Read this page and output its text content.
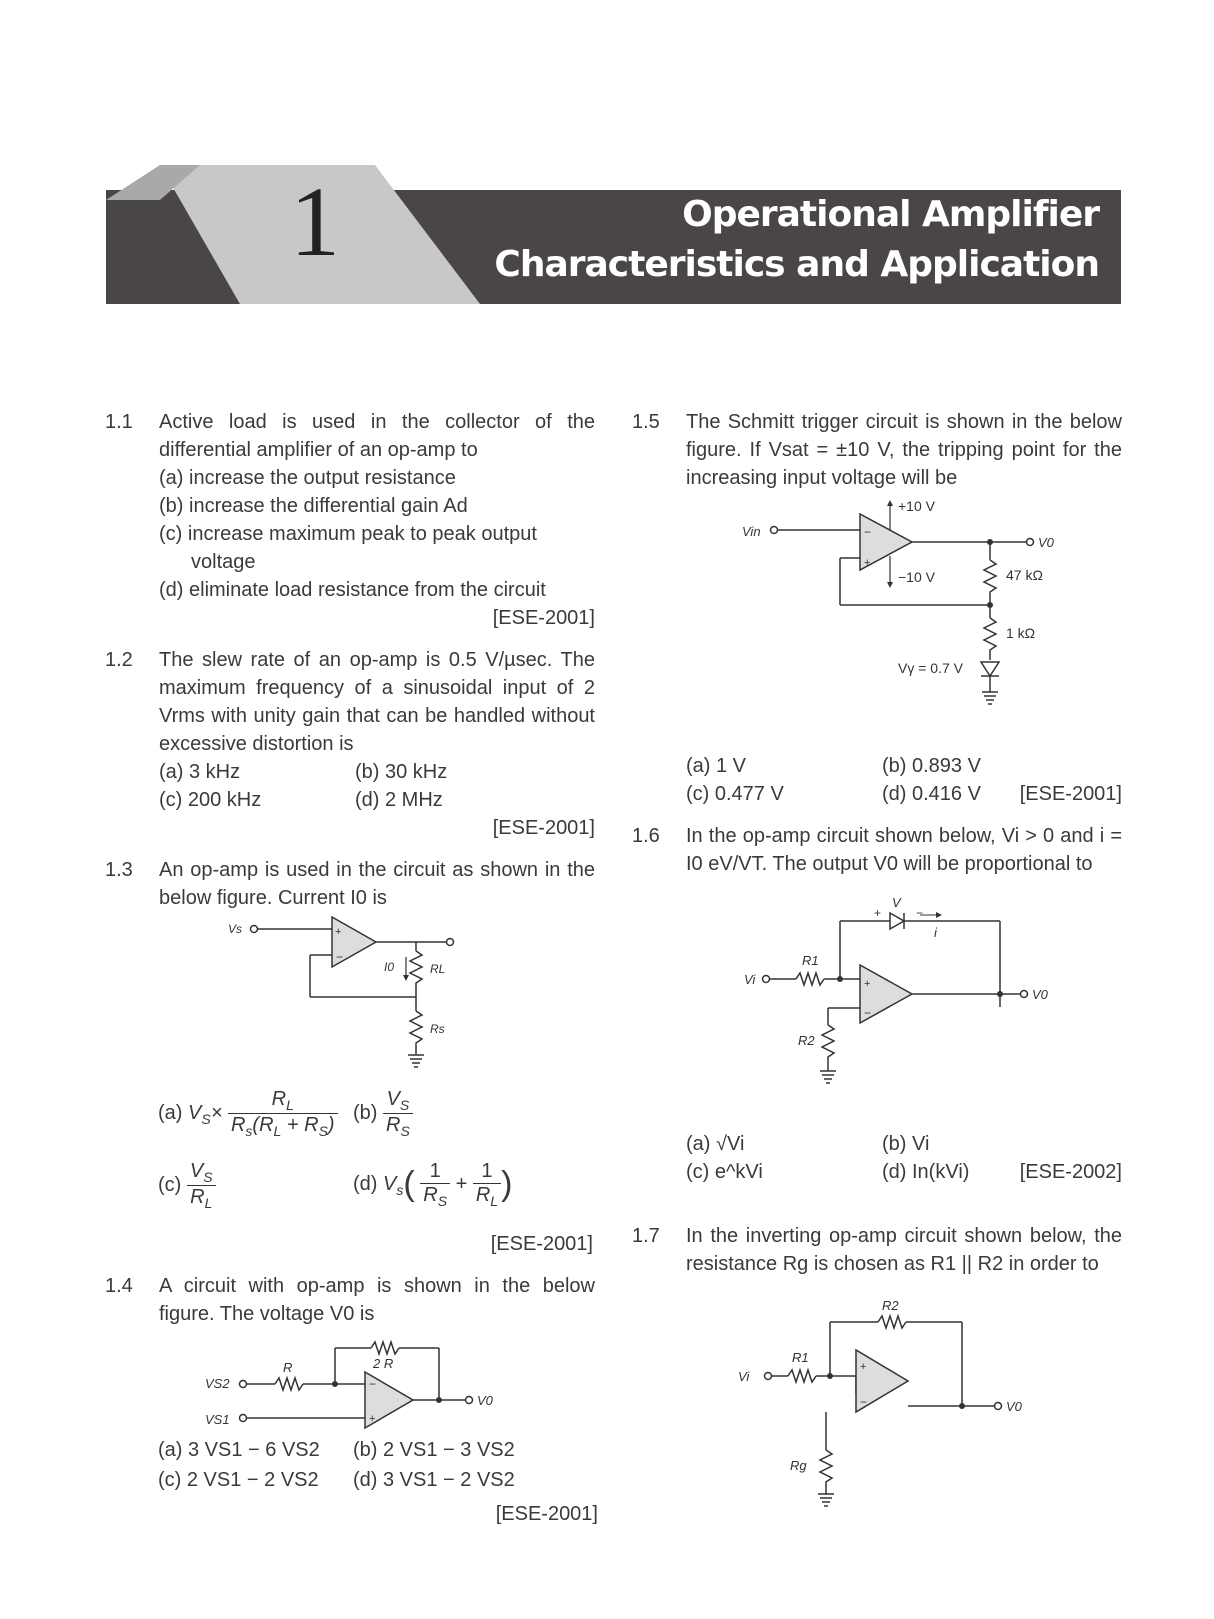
1	Operational Amplifier
Characteristics and Application
1.1 Active load is used in the collector of the differential amplifier of an op-amp to
(a) increase the output resistance
(b) increase the differential gain Ad
(c) increase maximum peak to peak output voltage
(d) eliminate load resistance from the circuit
[ESE-2001]
1.2 The slew rate of an op-amp is 0.5 V/µsec. The maximum frequency of a sinusoidal input of 2 Vrms with unity gain that can be handled without excessive distortion is
(a) 3 kHz	(b) 30 kHz
(c) 200 kHz	(d) 2 MHz
[ESE-2001]
1.3 An op-amp is used in the circuit as shown in the below figure. Current I0 is
+
−
Vs
I0	RL
Rs
(a) $V_S\times \frac{R_L}{R_s(R_L + R_S)} (b) \frac{V_S}{R_S}$
$(c) \frac{V_S}{R_L}$	(d) $V_s( \frac{1}{R_S} + \frac{1}{R_L}$ )
[ESE-2001]
1.4 A circuit with op-amp is shown in the below figure. The voltage V0 is
−
+
2 R
R
VS2
VS1
V0
(a) 3 VS1 − 6 VS2 (b) 2 VS1 − 3 VS2
(c) 2 VS1 − 2 VS2 (d) 3 VS1 − 2 VS2
[ESE-2001]
1.5 The Schmitt trigger circuit is shown in the below figure. If Vsat = ±10 V, the tripping point for the increasing input voltage will be
−
+
Vin
+10 V
−10 V
V0
47 kΩ
1 kΩ
Vγ = 0.7 V
(a) 1 V	(b) 0.893 V
(c) 0.477 V	(d) 0.416 V [ESE-2001]
1.6 In the op-amp circuit shown below, Vi > 0 and i = I0 eV/VT. The output V0 will be proportional to
+
−
V
+	−
i
R1
Vi
V0
R2
(a) √Vi	(b) Vi
(c) e^kVi	(d) In(kVi)	[ESE-2002]
1.7 In the inverting op-amp circuit shown below, the resistance Rg is chosen as R1 || R2 in order to
+
−
R2
R1
Vi
V0
Rg
